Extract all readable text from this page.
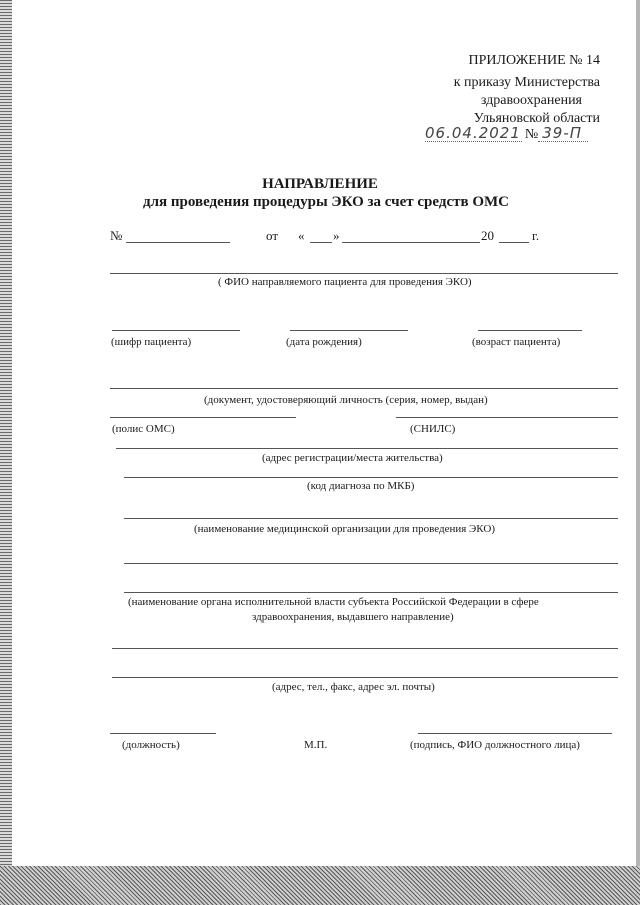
ПРИЛОЖЕНИЕ № 14
к приказу Министерства
здравоохранения
Ульяновской области
06.04.2021 № 39-П
НАПРАВЛЕНИЕ
для проведения процедуры ЭКО за счет средств ОМС
№	от « »	20	г.
( ФИО направляемого пациента для проведения ЭКО)
(шифр пациента)	(дата рождения)	(возраст пациента)
(документ, удостоверяющий личность (серия, номер, выдан)
(полис ОМС)	(СНИЛС)
(адрес регистрации/места жительства)
(код диагноза по МКБ)
(наименование медицинской организации для проведения ЭКО)
(наименование органа исполнительной власти субъекта Российской Федерации в сфере
здравоохранения, выдавшего направление)
(адрес, тел., факс, адрес эл. почты)
(должность)	М.П.	(подпись, ФИО должностного лица)
